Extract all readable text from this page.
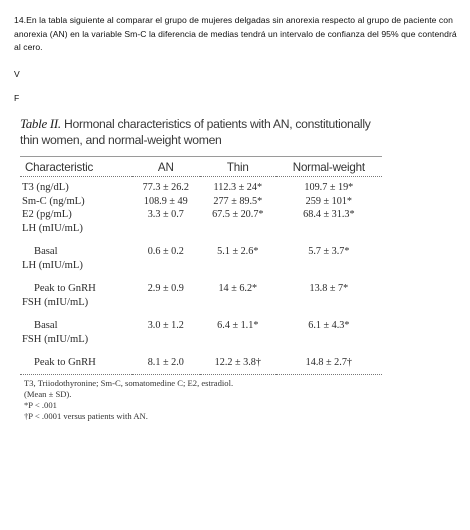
14.En la tabla siguiente al comparar el grupo de mujeres delgadas sin anorexia respecto al grupo de paciente con anorexia (AN) en la variable Sm-C la diferencia de medias tendrá un intervalo de confianza del 95% que contendrá al cero.
V
F
Table II. Hormonal characteristics of patients with AN, constitutionally thin women, and normal-weight women
Characteristic	AN	Thin	Normal-weight
T3 (ng/dL)	77.3 ± 26.2	112.3 ± 24*	109.7 ± 19*
Sm-C (ng/mL)	108.9 ± 49	277 ± 89.5*	259 ± 101*
E2 (pg/mL)	3.3 ± 0.7	67.5 ± 20.7*	68.4 ± 31.3*
LH (mIU/mL)			

Basal	0.6 ± 0.2	5.1 ± 2.6*	5.7 ± 3.7*
LH (mIU/mL)			

Peak to GnRH	2.9 ± 0.9	14 ± 6.2*	13.8 ± 7*
FSH (mIU/mL)			

Basal	3.0 ± 1.2	6.4 ± 1.1*	6.1 ± 4.3*
FSH (mIU/mL)			

Peak to GnRH	8.1 ± 2.0	12.2 ± 3.8†	14.8 ± 2.7†
T3, Triiodothyronine; Sm-C, somatomedine C; E2, estradiol.
(Mean ± SD).
*P < .001
†P < .0001 versus patients with AN.
